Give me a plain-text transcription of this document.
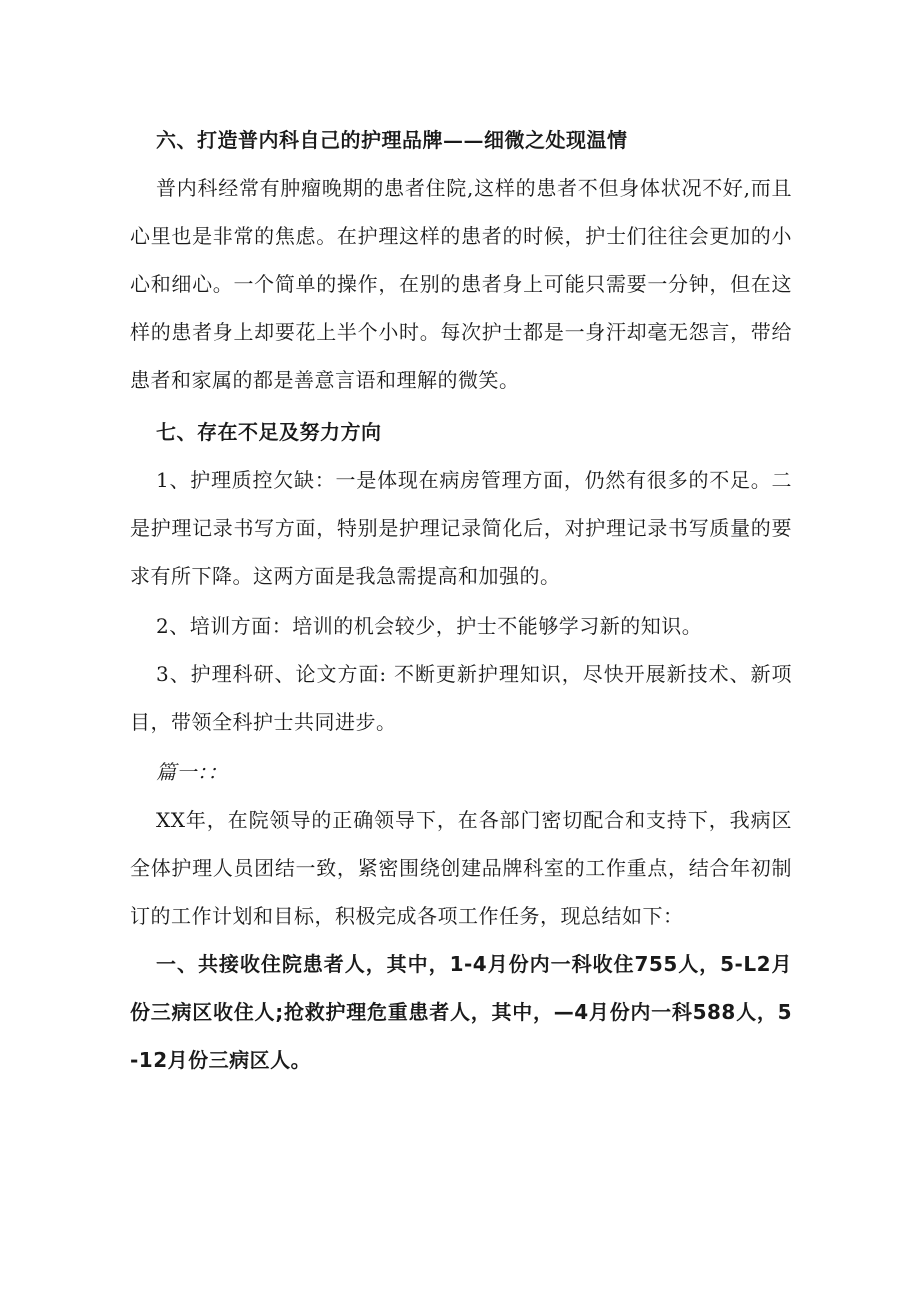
六、打造普内科自己的护理品牌——细微之处现温情

普内科经常有肿瘤晚期的患者住院,这样的患者不但身体状况不好,而且心里也是非常的焦虑。在护理这样的患者的时候，护士们往往会更加的小心和细心。一个简单的操作，在别的患者身上可能只需要一分钟，但在这样的患者身上却要花上半个小时。每次护士都是一身汗却毫无怨言，带给患者和家属的都是善意言语和理解的微笑。

七、存在不足及努力方向

1、护理质控欠缺：一是体现在病房管理方面，仍然有很多的不足。二是护理记录书写方面，特别是护理记录简化后，对护理记录书写质量的要求有所下降。这两方面是我急需提高和加强的。

2、培训方面：培训的机会较少，护士不能够学习新的知识。

3、护理科研、论文方面: 不断更新护理知识，尽快开展新技术、新项目，带领全科护士共同进步。

篇一：：

XX年，在院领导的正确领导下，在各部门密切配合和支持下，我病区全体护理人员团结一致，紧密围绕创建品牌科室的工作重点，结合年初制订的工作计划和目标，积极完成各项工作任务，现总结如下：

一、共接收住院患者人，其中，1-4月份内一科收住755人，5-L2月份三病区收住人;抢救护理危重患者人，其中，—4月份内一科588人，5-12月份三病区人。
